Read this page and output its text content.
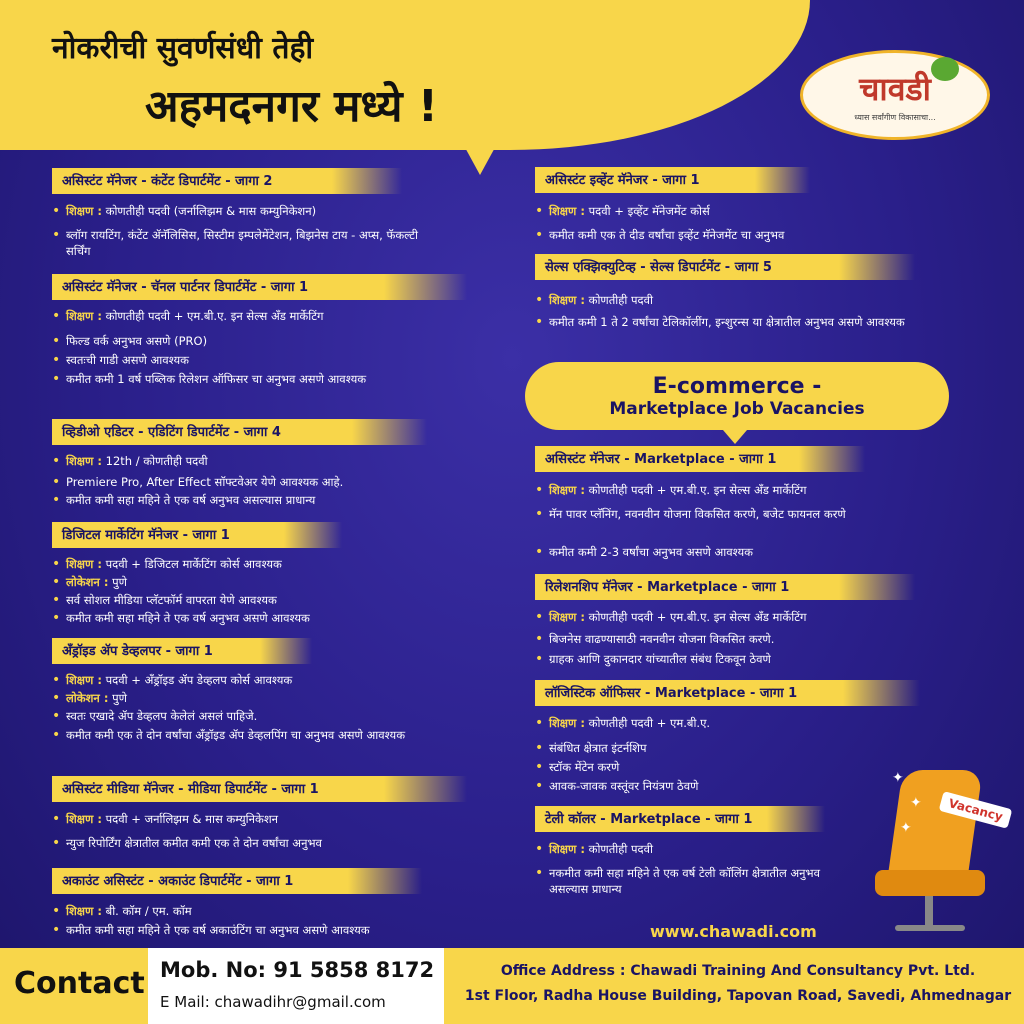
नोकरीची सुवर्णसंधी तेही
अहमदनगर मध्ये !	चावडी
ध्यास सर्वांगीण विकासाचा...
असिस्टंट मॅनेजर - कंटेंट डिपार्टमेंट - जागा 2
• शिक्षण : कोणतीही पदवी (जर्नालिझम & मास कम्युनिकेशन)
• ब्लॉग रायटिंग, कंटेंट ॲनॅलिसिस, सिस्टीम इम्पलेमेंटेशन, बिझनेस टाय - अप्स, फॅकल्टी सर्चिंग
असिस्टंट मॅनेजर - चॅनल पार्टनर डिपार्टमेंट - जागा 1
• शिक्षण : कोणतीही पदवी + एम.बी.ए. इन सेल्स अँड मार्केटिंग
• फिल्ड वर्क अनुभव असणे (PRO)
• स्वतःची गाडी असणे आवश्यक
• कमीत कमी 1 वर्ष पब्लिक रिलेशन ऑफिसर चा अनुभव असणे आवश्यक
व्हिडीओ एडिटर - एडिटिंग डिपार्टमेंट - जागा 4
• शिक्षण : 12th / कोणतीही पदवी
• Premiere Pro, After Effect सॉफ्टवेअर येणे आवश्यक आहे.
• कमीत कमी सहा महिने ते एक वर्ष अनुभव असल्यास प्राधान्य
डिजिटल मार्केटिंग मॅनेजर - जागा 1
• शिक्षण : पदवी + डिजिटल मार्केटिंग कोर्स आवश्यक
• लोकेशन : पुणे
• सर्व सोशल मीडिया प्लॅटफॉर्म वापरता येणे आवश्यक
• कमीत कमी सहा महिने ते एक वर्ष अनुभव असणे आवश्यक
अँड्रॉइड ॲप डेव्हलपर - जागा 1
• शिक्षण : पदवी + अँड्रॉइड ॲप डेव्हलप कोर्स आवश्यक
• लोकेशन : पुणे
• स्वतः एखादे ॲप डेव्हलप केलेलं असलं पाहिजे.
• कमीत कमी एक ते दोन वर्षांचा अँड्रॉइड ॲप डेव्हलपिंग चा अनुभव असणे आवश्यक
असिस्टंट मीडिया मॅनेजर - मीडिया डिपार्टमेंट - जागा 1
• शिक्षण : पदवी + जर्नालिझम & मास कम्युनिकेशन
• न्युज रिपोर्टिंग क्षेत्रातील कमीत कमी एक ते दोन वर्षांचा अनुभव
अकाउंट असिस्टंट - अकाउंट डिपार्टमेंट - जागा 1
• शिक्षण : बी. कॉम / एम. कॉम
• कमीत कमी सहा महिने ते एक वर्ष अकाउंटिंग चा अनुभव असणे आवश्यक
असिस्टंट इव्हेंट मॅनेजर - जागा 1
• शिक्षण : पदवी + इव्हेंट मॅनेजमेंट कोर्स
• कमीत कमी एक ते दीड वर्षांचा इव्हेंट मॅनेजमेंट चा अनुभव
सेल्स एक्झिक्युटिव्ह - सेल्स डिपार्टमेंट - जागा 5
• शिक्षण : कोणतीही पदवी
• कमीत कमी 1 ते 2 वर्षांचा टेलिकॉलींग, इन्शुरन्स या क्षेत्रातील अनुभव असणे आवश्यक
E-commerce -
Marketplace Job Vacancies
असिस्टंट मॅनेजर - Marketplace - जागा 1
• शिक्षण : कोणतीही पदवी + एम.बी.ए. इन सेल्स अँड मार्केटिंग
• मॅन पावर प्लॅनिंग, नवनवीन योजना विकसित करणे, बजेट फायनल करणे
• कमीत कमी 2-3 वर्षांचा अनुभव असणे आवश्यक
रिलेशनशिप मॅनेजर - Marketplace - जागा 1
• शिक्षण : कोणतीही पदवी + एम.बी.ए. इन सेल्स अँड मार्केटिंग
• बिजनेस वाढण्यासाठी नवनवीन योजना विकसित करणे.
• ग्राहक आणि दुकानदार यांच्यातील संबंध टिकवून ठेवणे
लॉजिस्टिक ऑफिसर - Marketplace - जागा 1
• शिक्षण : कोणतीही पदवी + एम.बी.ए.
• संबंधित क्षेत्रात इंटर्नशिप
• स्टॉक मेंटेन करणे
• आवक-जावक वस्तूंवर नियंत्रण ठेवणे
टेली कॉलर - Marketplace - जागा 1
• शिक्षण : कोणतीही पदवी
• नकमीत कमी सहा महिने ते एक वर्ष टेली कॉलिंग क्षेत्रातील अनुभव असल्यास प्राधान्य
Vacancy
✦
✦
✦
www.chawadi.com
Contact Mob. No: 91 5858 8172
E Mail: chawadihr@gmail.com
Office Address : Chawadi Training And Consultancy Pvt. Ltd.
1st Floor, Radha House Building, Tapovan Road, Savedi, Ahmednagar
